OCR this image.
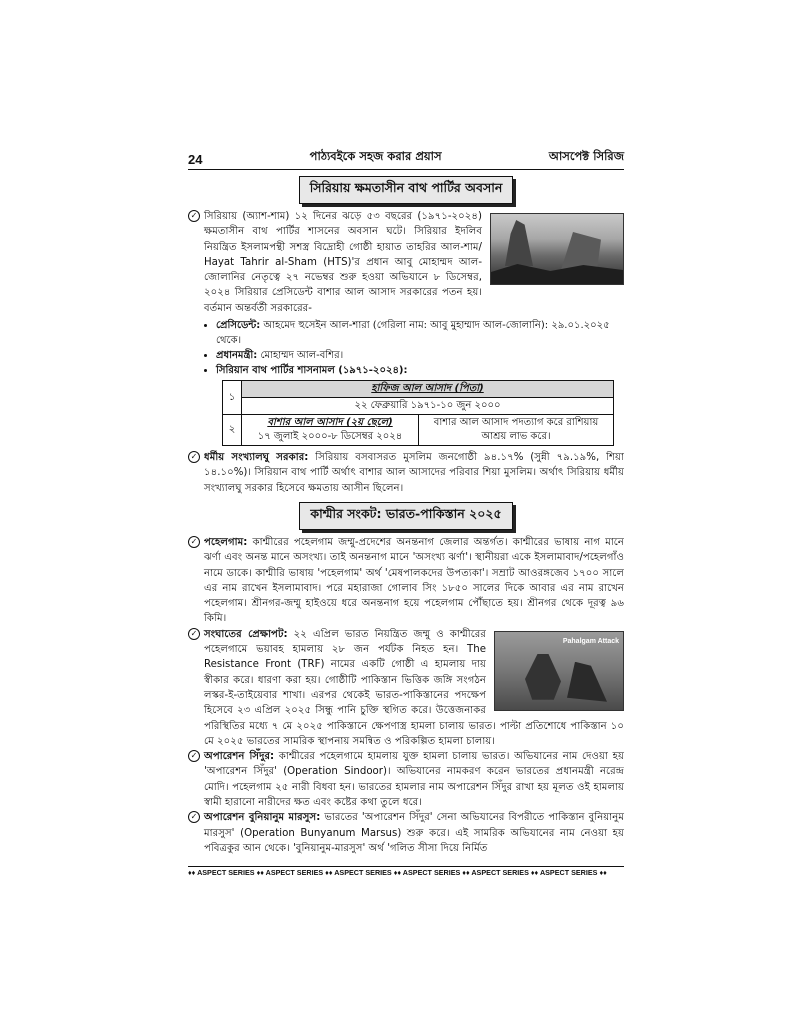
24	পাঠ্যবইকে সহজ করার প্রয়াস	আসপেক্ট সিরিজ
সিরিয়ায় ক্ষমতাসীন বাথ পার্টির অবসান
✓ সিরিয়ায় (অ্যাশ-শাম) ১২ দিনের ঝড়ে ৫৩ বছরের (১৯৭১-২০২৪) ক্ষমতাসীন বাথ পার্টির শাসনের অবসান ঘটে। সিরিয়ার ইদলিব নিয়ন্ত্রিত ইসলামপন্থী সশস্ত্র বিদ্রোহী গোষ্ঠী হায়াত তাহরির আল-শাম/ Hayat Tahrir al-Sham (HTS)'র প্রধান আবু মোহাম্মদ আল-জোলানির নেতৃত্বে ২৭ নভেম্বর শুরু হওয়া অভিযানে ৮ ডিসেম্বর, ২০২৪ সিরিয়ার প্রেসিডেন্ট বাশার আল আসাদ সরকারের পতন হয়। বর্তমান অন্তর্বর্তী সরকারের-
• প্রেসিডেন্ট: আহমেদ হুসেইন আল-শারা (গেরিলা নাম: আবু মুহাম্মাদ আল-জোলানি): ২৯.০১.২০২৫ থেকে।
• প্রধানমন্ত্রী: মোহাম্মদ আল-বশির।
• সিরিয়ান বাথ পার্টির শাসনামল (১৯৭১-২০২৪):
১	হাফিজ আল আসাদ (পিতা)	
	২২ ফেব্রুয়ারি ১৯৭১-১০ জুন ২০০০	
২	বাশার আল আসাদ (২য় ছেলে)
১৭ জুলাই ২০০০-৮ ডিসেম্বর ২০২৪	বাশার আল আসাদ পদত্যাগ করে রাশিয়ায় আশ্রয় লাভ করে।
✓ ধর্মীয় সংখ্যালঘু সরকার: সিরিয়ায় বসবাসরত মুসলিম জনগোষ্ঠী ৯৪.১৭% (সুন্নী ৭৯.১৯%, শিয়া ১৪.১০%)। সিরিয়ান বাথ পার্টি অর্থাৎ বাশার আল আসাদের পরিবার শিয়া মুসলিম। অর্থাৎ সিরিয়ায় ধর্মীয় সংখ্যালঘু সরকার হিসেবে ক্ষমতায় আসীন ছিলেন।
কাশ্মীর সংকট: ভারত-পাকিস্তান ২০২৫
✓ পহেলগাম: কাশ্মীরের পহেলগাম জম্মু-প্রদেশের অনন্তনাগ জেলার অন্তর্গত। কাশ্মীরের ভাষায় নাগ মানে ঝর্ণা এবং অনন্ত মানে অসংখ্য। তাই অনন্তনাগ মানে 'অসংখ্য ঝর্ণা'। স্থানীয়রা একে ইসলামাবাদ/পহেলগাঁও নামে ডাকে। কাশ্মীরি ভাষায় 'পহেলগাম' অর্থ 'মেষপালকদের উপত্যকা'। সম্রাট আওরঙ্গজেব ১৭০০ সালে এর নাম রাখেন ইসলামাবাদ। পরে মহারাজা গোলাব সিং ১৮৫০ সালের দিকে আবার এর নাম রাখেন পহেলগাম। শ্রীনগর-জম্মু হাইওয়ে ধরে অনন্তনাগ হয়ে পহেলগাম পৌঁছাতে হয়। শ্রীনগর থেকে দূরত্ব ৯৬ কিমি।
✓
Pahalgam Attack
সংঘাতের প্রেক্ষাপট: ২২ এপ্রিল ভারত নিয়ন্ত্রিত জম্মু ও কাশ্মীরের পহেলগামে ভয়াবহ হামলায় ২৮ জন পর্যটক নিহত হন। The Resistance Front (TRF) নামের একটি গোষ্ঠী এ হামলায় দায় স্বীকার করে। ধারণা করা হয়। গোষ্ঠীটি পাকিস্তান ভিত্তিক জঙ্গি সংগঠন লস্কর-ই-তাইয়েবার শাখা। এরপর থেকেই ভারত-পাকিস্তানের পদক্ষেপ হিসেবে ২৩ এপ্রিল ২০২৫ সিন্ধু পানি চুক্তি স্থগিত করে। উত্তেজনাকর পরিস্থিতির মধ্যে ৭ মে ২০২৫ পাকিস্তানে ক্ষেপণাস্ত্র হামলা চালায় ভারত। পাল্টা প্রতিশোধে পাকিস্তান ১০ মে ২০২৫ ভারতের সামরিক স্থাপনায় সমন্বিত ও পরিকল্পিত হামলা চালায়।
✓ অপারেশন সিঁদুর: কাশ্মীরের পহেলগামে হামলায় যুক্ত হামলা চালায় ভারত। অভিযানের নাম দেওয়া হয় 'অপারেশন সিঁদুর' (Operation Sindoor)। অভিযানের নামকরণ করেন ভারতের প্রধানমন্ত্রী নরেন্দ্র মোদি। পহেলগাম ২৫ নারী বিধবা হন। ভারতের হামলার নাম অপারেশন সিঁদুর রাখা হয় মূলত ওই হামলায় স্বামী হারানো নারীদের ক্ষত এবং কষ্টের কথা তুলে ধরে।
✓ অপারেশন বুনিয়ানুম মারসুস: ভারতের 'অপারেশন সিঁদুর' সেনা অভিযানের বিপরীতে পাকিস্তান বুনিয়ানুম মারসুস' (Operation Bunyanum Marsus) শুরু করে। এই সামরিক অভিযানের নাম নেওয়া হয় পবিত্রকুর আন থেকে। 'বুনিয়ানুম-মারসুস' অর্থ 'গলিত সীসা দিয়ে নির্মিত
♦♦ ASPECT SERIES ♦♦ ASPECT SERIES ♦♦ ASPECT SERIES ♦♦ ASPECT SERIES ♦♦ ASPECT SERIES ♦♦ ASPECT SERIES ♦♦
